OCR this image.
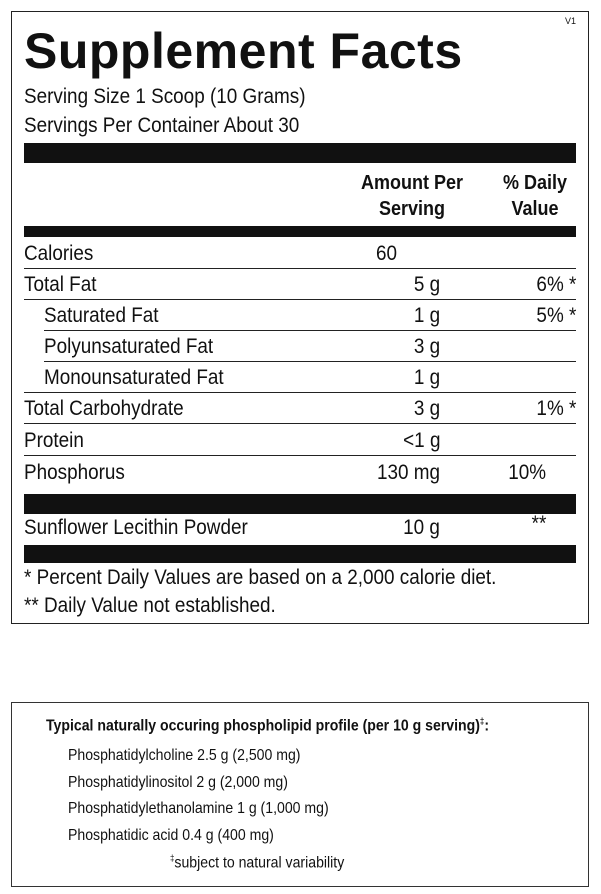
V1
Supplement Facts
Serving Size 1 Scoop (10 Grams)
Servings Per Container About 30
Amount Per
Serving
% Daily
Value
Calories	60
Total Fat	5 g	6% *
Saturated Fat	1 g	5% *
Polyunsaturated Fat	3 g
Monounsaturated Fat	1 g
Total Carbohydrate	3 g	1% *
Protein	<1 g
Phosphorus	130 mg	10%
Sunflower Lecithin Powder	10 g	**
* Percent Daily Values are based on a 2,000 calorie diet.
** Daily Value not established.
Typical naturally occuring phospholipid profile (per 10 g serving)‡:
Phosphatidylcholine 2.5 g (2,500 mg)
Phosphatidylinositol 2 g (2,000 mg)
Phosphatidylethanolamine 1 g (1,000 mg)
Phosphatidic acid 0.4 g (400 mg)
‡subject to natural variability
